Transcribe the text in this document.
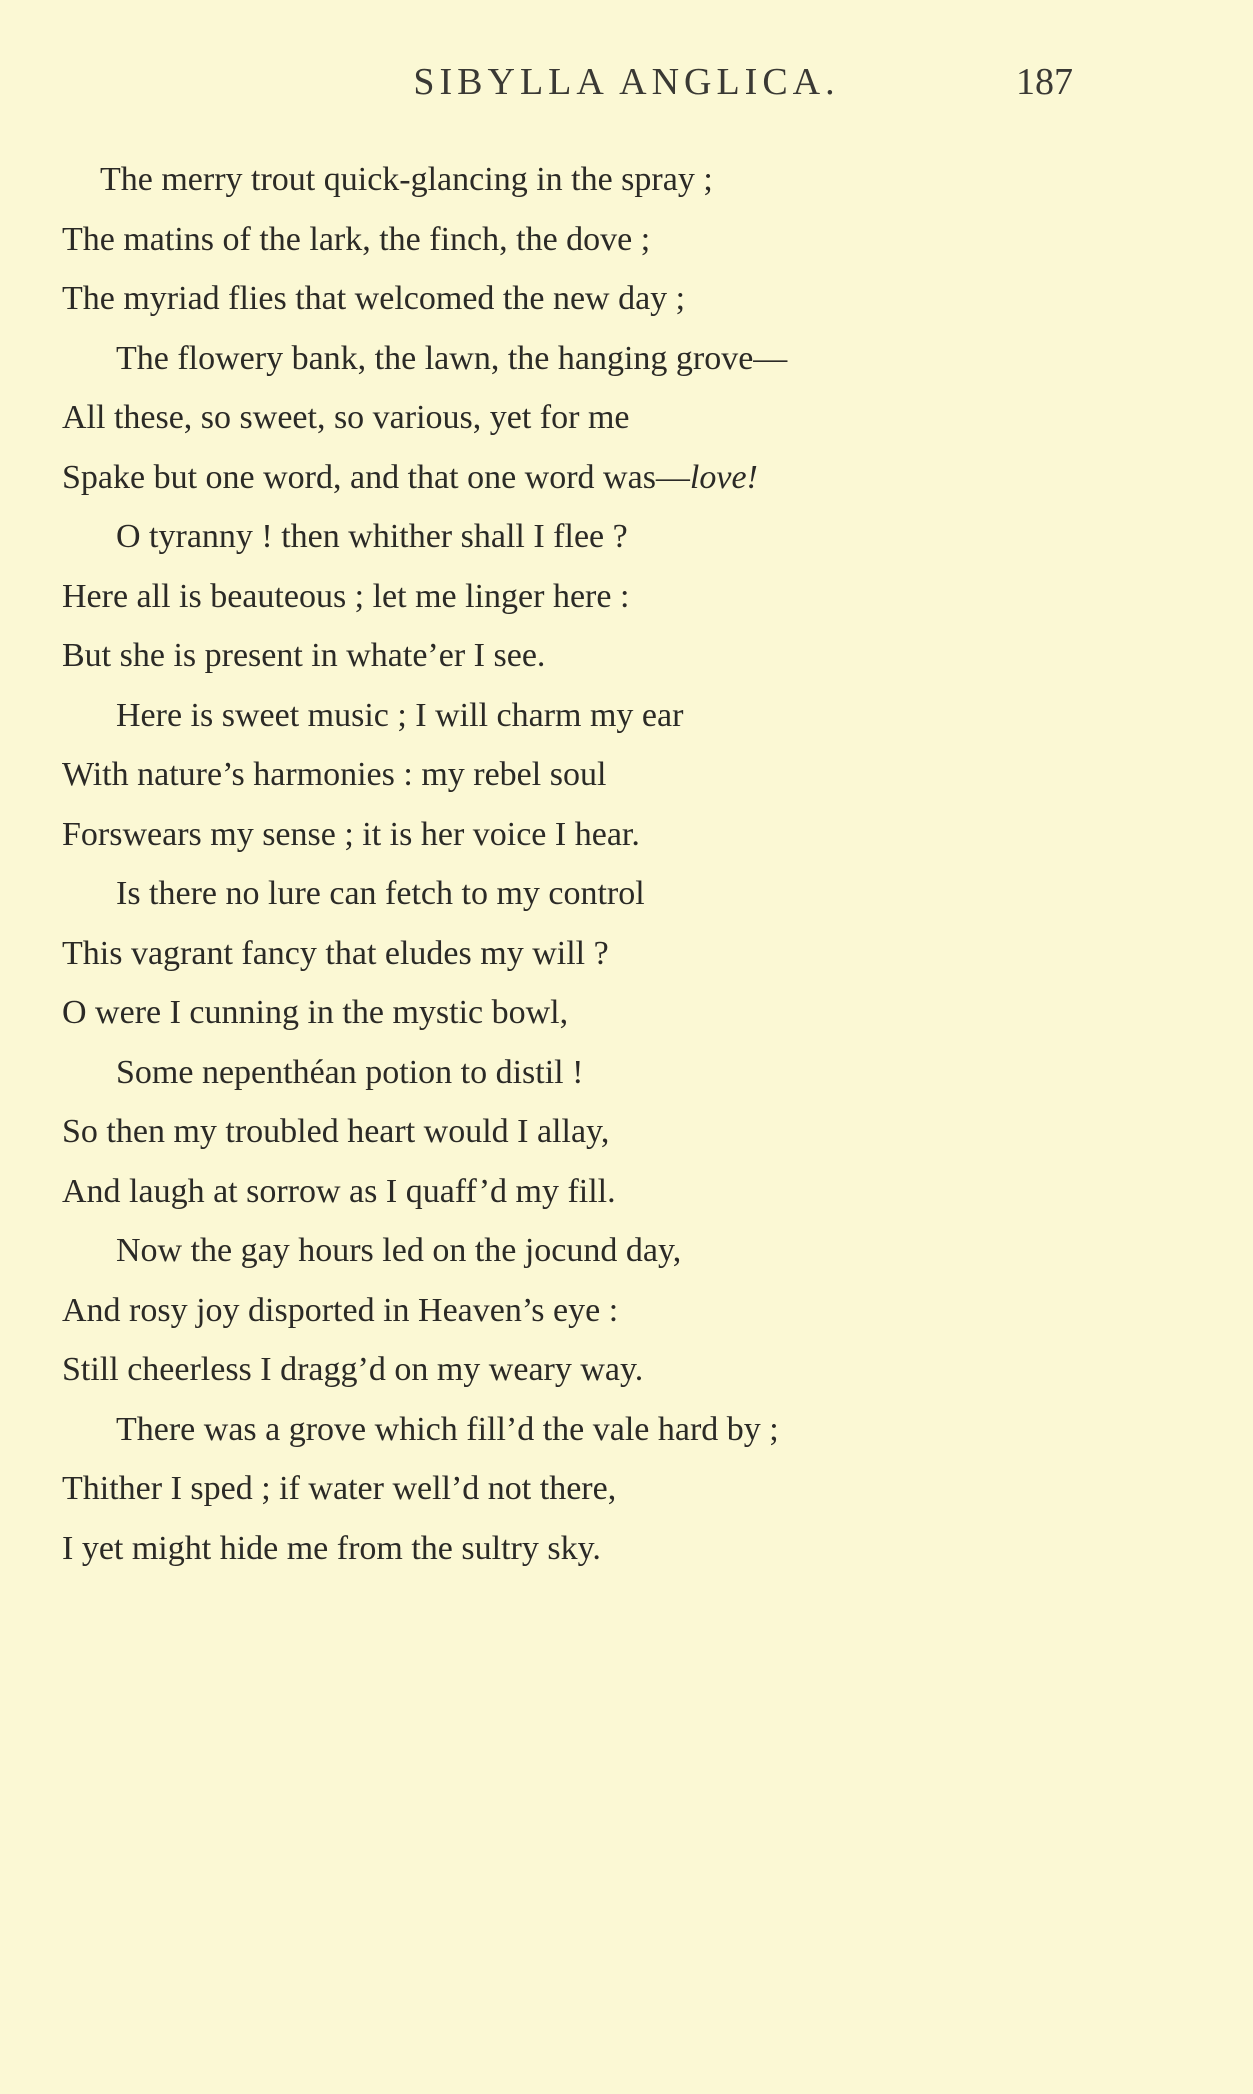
SIBYLLA ANGLICA.	187
The merry trout quick-glancing in the spray ;
The matins of the lark, the finch, the dove ;
The myriad flies that welcomed the new day ;
The flowery bank, the lawn, the hanging grove—
All these, so sweet, so various, yet for me
Spake but one word, and that one word was—love!
O tyranny ! then whither shall I flee ?
Here all is beauteous ; let me linger here :
But she is present in whate’er I see.
Here is sweet music ; I will charm my ear
With nature’s harmonies : my rebel soul
Forswears my sense ; it is her voice I hear.
Is there no lure can fetch to my control
This vagrant fancy that eludes my will ?
O were I cunning in the mystic bowl,
Some nepenthéan potion to distil !
So then my troubled heart would I allay,
And laugh at sorrow as I quaff’d my fill.
Now the gay hours led on the jocund day,
And rosy joy disported in Heaven’s eye :
Still cheerless I dragg’d on my weary way.
There was a grove which fill’d the vale hard by ;
Thither I sped ; if water well’d not there,
I yet might hide me from the sultry sky.
